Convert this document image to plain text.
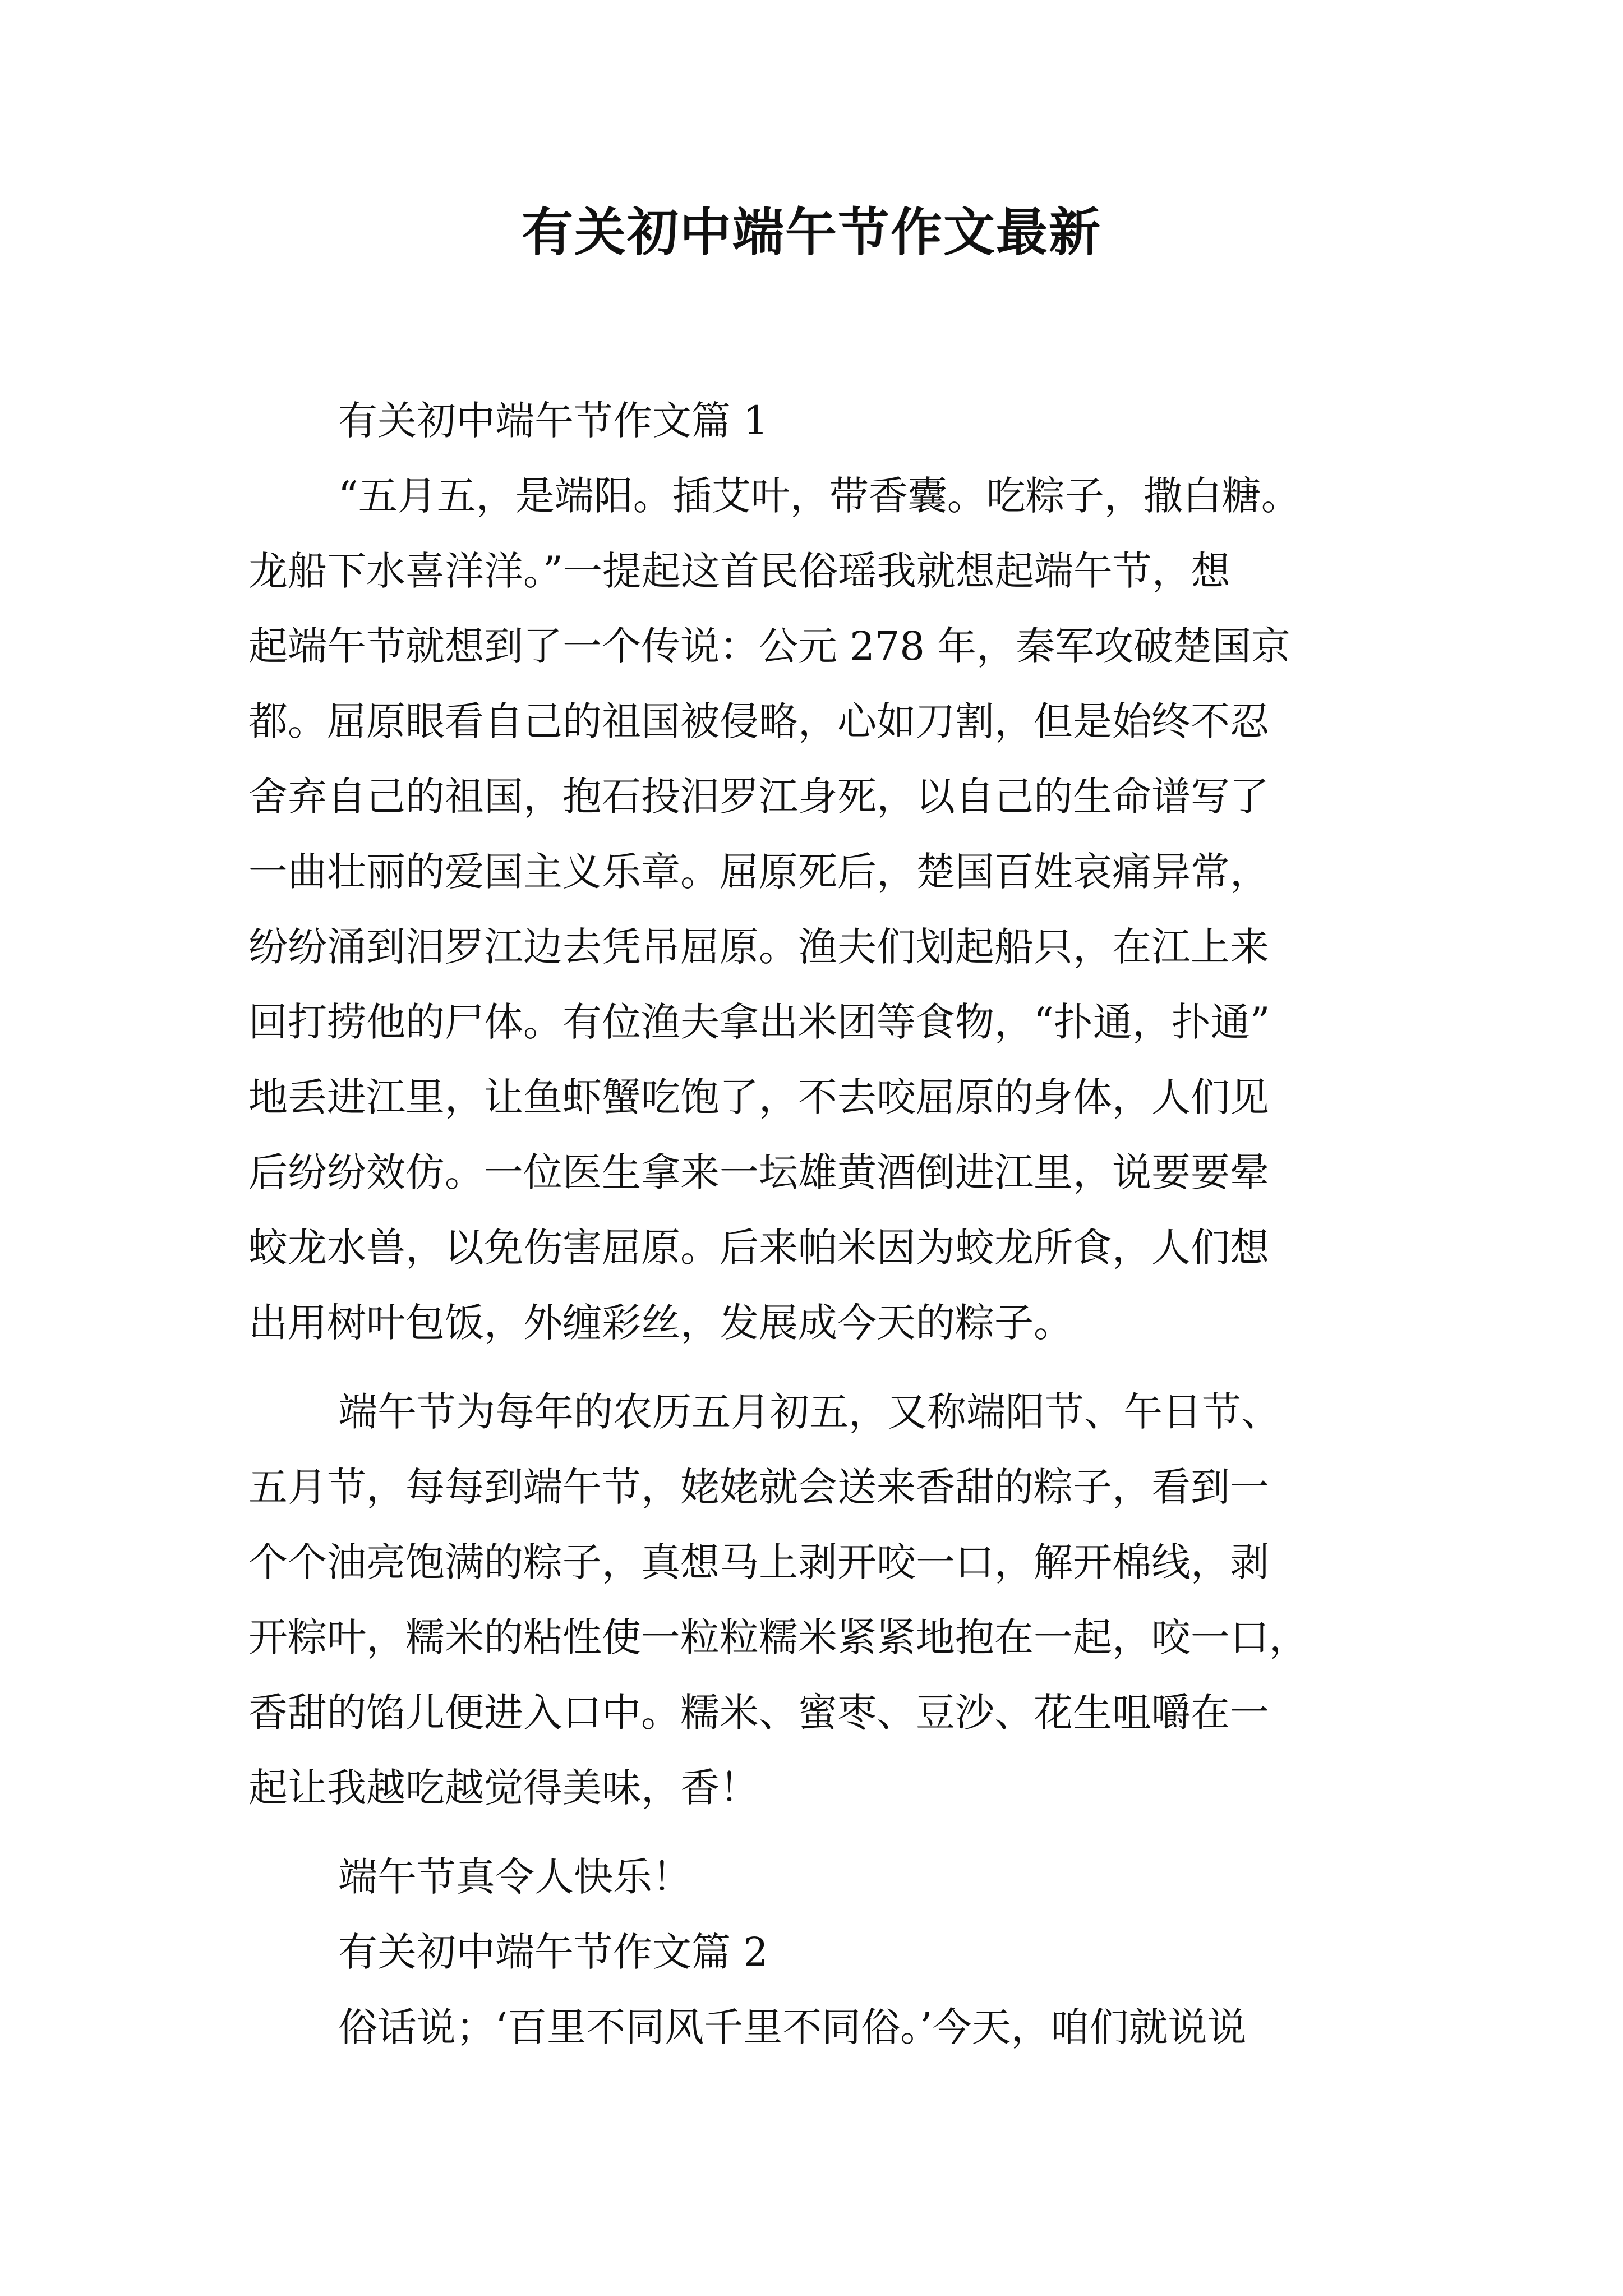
有关初中端午节作文最新
有关初中端午节作文篇 1
“五月五，是端阳。插艾叶，带香囊。吃粽子，撒白糖。
龙船下水喜洋洋。”一提起这首民俗瑶我就想起端午节，想
起端午节就想到了一个传说：公元 278 年，秦军攻破楚国京
都。屈原眼看自己的祖国被侵略，心如刀割，但是始终不忍
舍弃自己的祖国，抱石投汨罗江身死，以自己的生命谱写了
一曲壮丽的爱国主义乐章。屈原死后，楚国百姓哀痛异常，
纷纷涌到汨罗江边去凭吊屈原。渔夫们划起船只，在江上来
回打捞他的尸体。有位渔夫拿出米团等食物，“扑通，扑通”
地丢进江里，让鱼虾蟹吃饱了，不去咬屈原的身体，人们见
后纷纷效仿。一位医生拿来一坛雄黄酒倒进江里，说要要晕
蛟龙水兽，以免伤害屈原。后来帕米因为蛟龙所食，人们想
出用树叶包饭，外缠彩丝，发展成今天的粽子。
端午节为每年的农历五月初五，又称端阳节、午日节、
五月节，每每到端午节，姥姥就会送来香甜的粽子，看到一
个个油亮饱满的粽子，真想马上剥开咬一口，解开棉线，剥
开粽叶，糯米的粘性使一粒粒糯米紧紧地抱在一起，咬一口，
香甜的馅儿便进入口中。糯米、蜜枣、豆沙、花生咀嚼在一
起让我越吃越觉得美味，香！
端午节真令人快乐！
有关初中端午节作文篇 2
俗话说；‘百里不同风千里不同俗。’今天，咱们就说说
